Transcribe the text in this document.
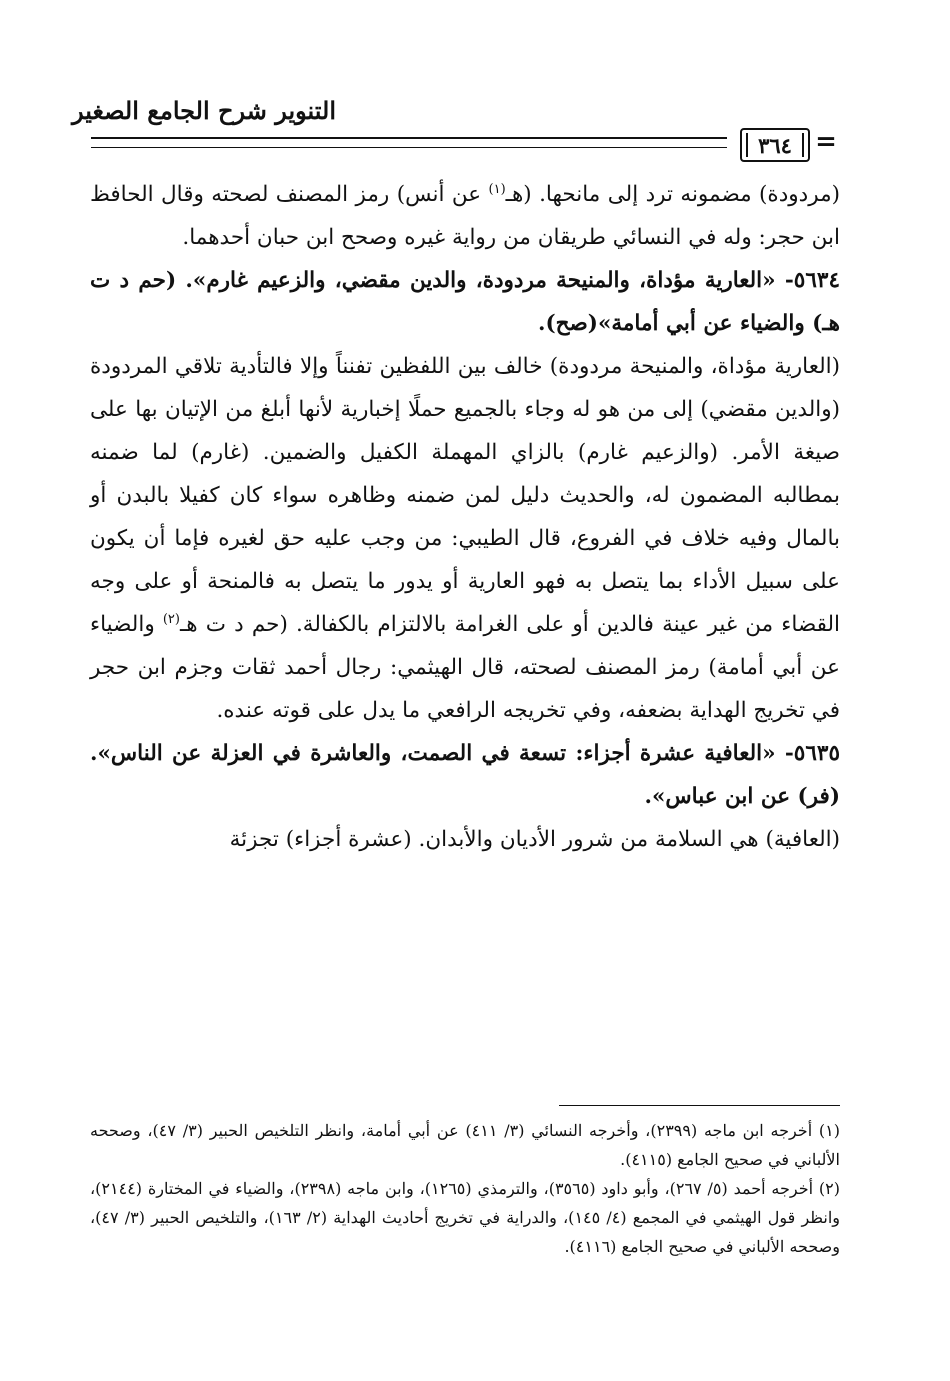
التنوير شرح الجامع الصغير
٣٦٤ =

(مردودة) مضمونه ترد إلى مانحها. (هـ$^{(١)}$ عن أنس) رمز المصنف لصحته وقال الحافظ ابن حجر: وله في النسائي طريقان من رواية غيره وصحح ابن حبان أحدهما.

٥٦٣٤- «العارية مؤداة، والمنيحة مردودة، والدين مقضي، والزعيم غارم». (حم د ت هـ) والضياء عن أبي أمامة»(صح).

(العارية مؤداة، والمنيحة مردودة) خالف بين اللفظين تفنناً وإلا فالتأدية تلاقي المردودة (والدين مقضي) إلى من هو له وجاء بالجميع حملًا إخبارية لأنها أبلغ من الإتيان بها على صيغة الأمر. (والزعيم غارم) بالزاي المهملة الكفيل والضمين. (غارم) لما ضمنه بمطالبه المضمون له، والحديث دليل لمن ضمنه وظاهره سواء كان كفيلا بالبدن أو بالمال وفيه خلاف في الفروع، قال الطيبي: من وجب عليه حق لغيره فإما أن يكون على سبيل الأداء بما يتصل به فهو العارية أو يدور ما يتصل به فالمنحة أو على وجه القضاء من غير عينة فالدين أو على الغرامة بالالتزام بالكفالة. (حم د ت هـ$^{(٢)}$ والضياء عن أبي أمامة) رمز المصنف لصحته، قال الهيثمي: رجال أحمد ثقات وجزم ابن حجر في تخريج الهداية بضعفه، وفي تخريجه الرافعي ما يدل على قوته عنده.

٥٦٣٥- «العافية عشرة أجزاء: تسعة في الصمت، والعاشرة في العزلة عن الناس». (فر) عن ابن عباس».

(العافية) هي السلامة من شرور الأديان والأبدان. (عشرة أجزاء) تجزئة

(١) أخرجه ابن ماجه (٢٣٩٩)، وأخرجه النسائي (٣/ ٤١١) عن أبي أمامة، وانظر التلخيص الحبير (٣/ ٤٧)، وصححه الألباني في صحيح الجامع (٤١١٥).

(٢) أخرجه أحمد (٥/ ٢٦٧)، وأبو داود (٣٥٦٥)، والترمذي (١٢٦٥)، وابن ماجه (٢٣٩٨)، والضياء في المختارة (٢١٤٤)، وانظر قول الهيثمي في المجمع (٤/ ١٤٥)، والدراية في تخريج أحاديث الهداية (٢/ ١٦٣)، والتلخيص الحبير (٣/ ٤٧)، وصححه الألباني في صحيح الجامع (٤١١٦).
